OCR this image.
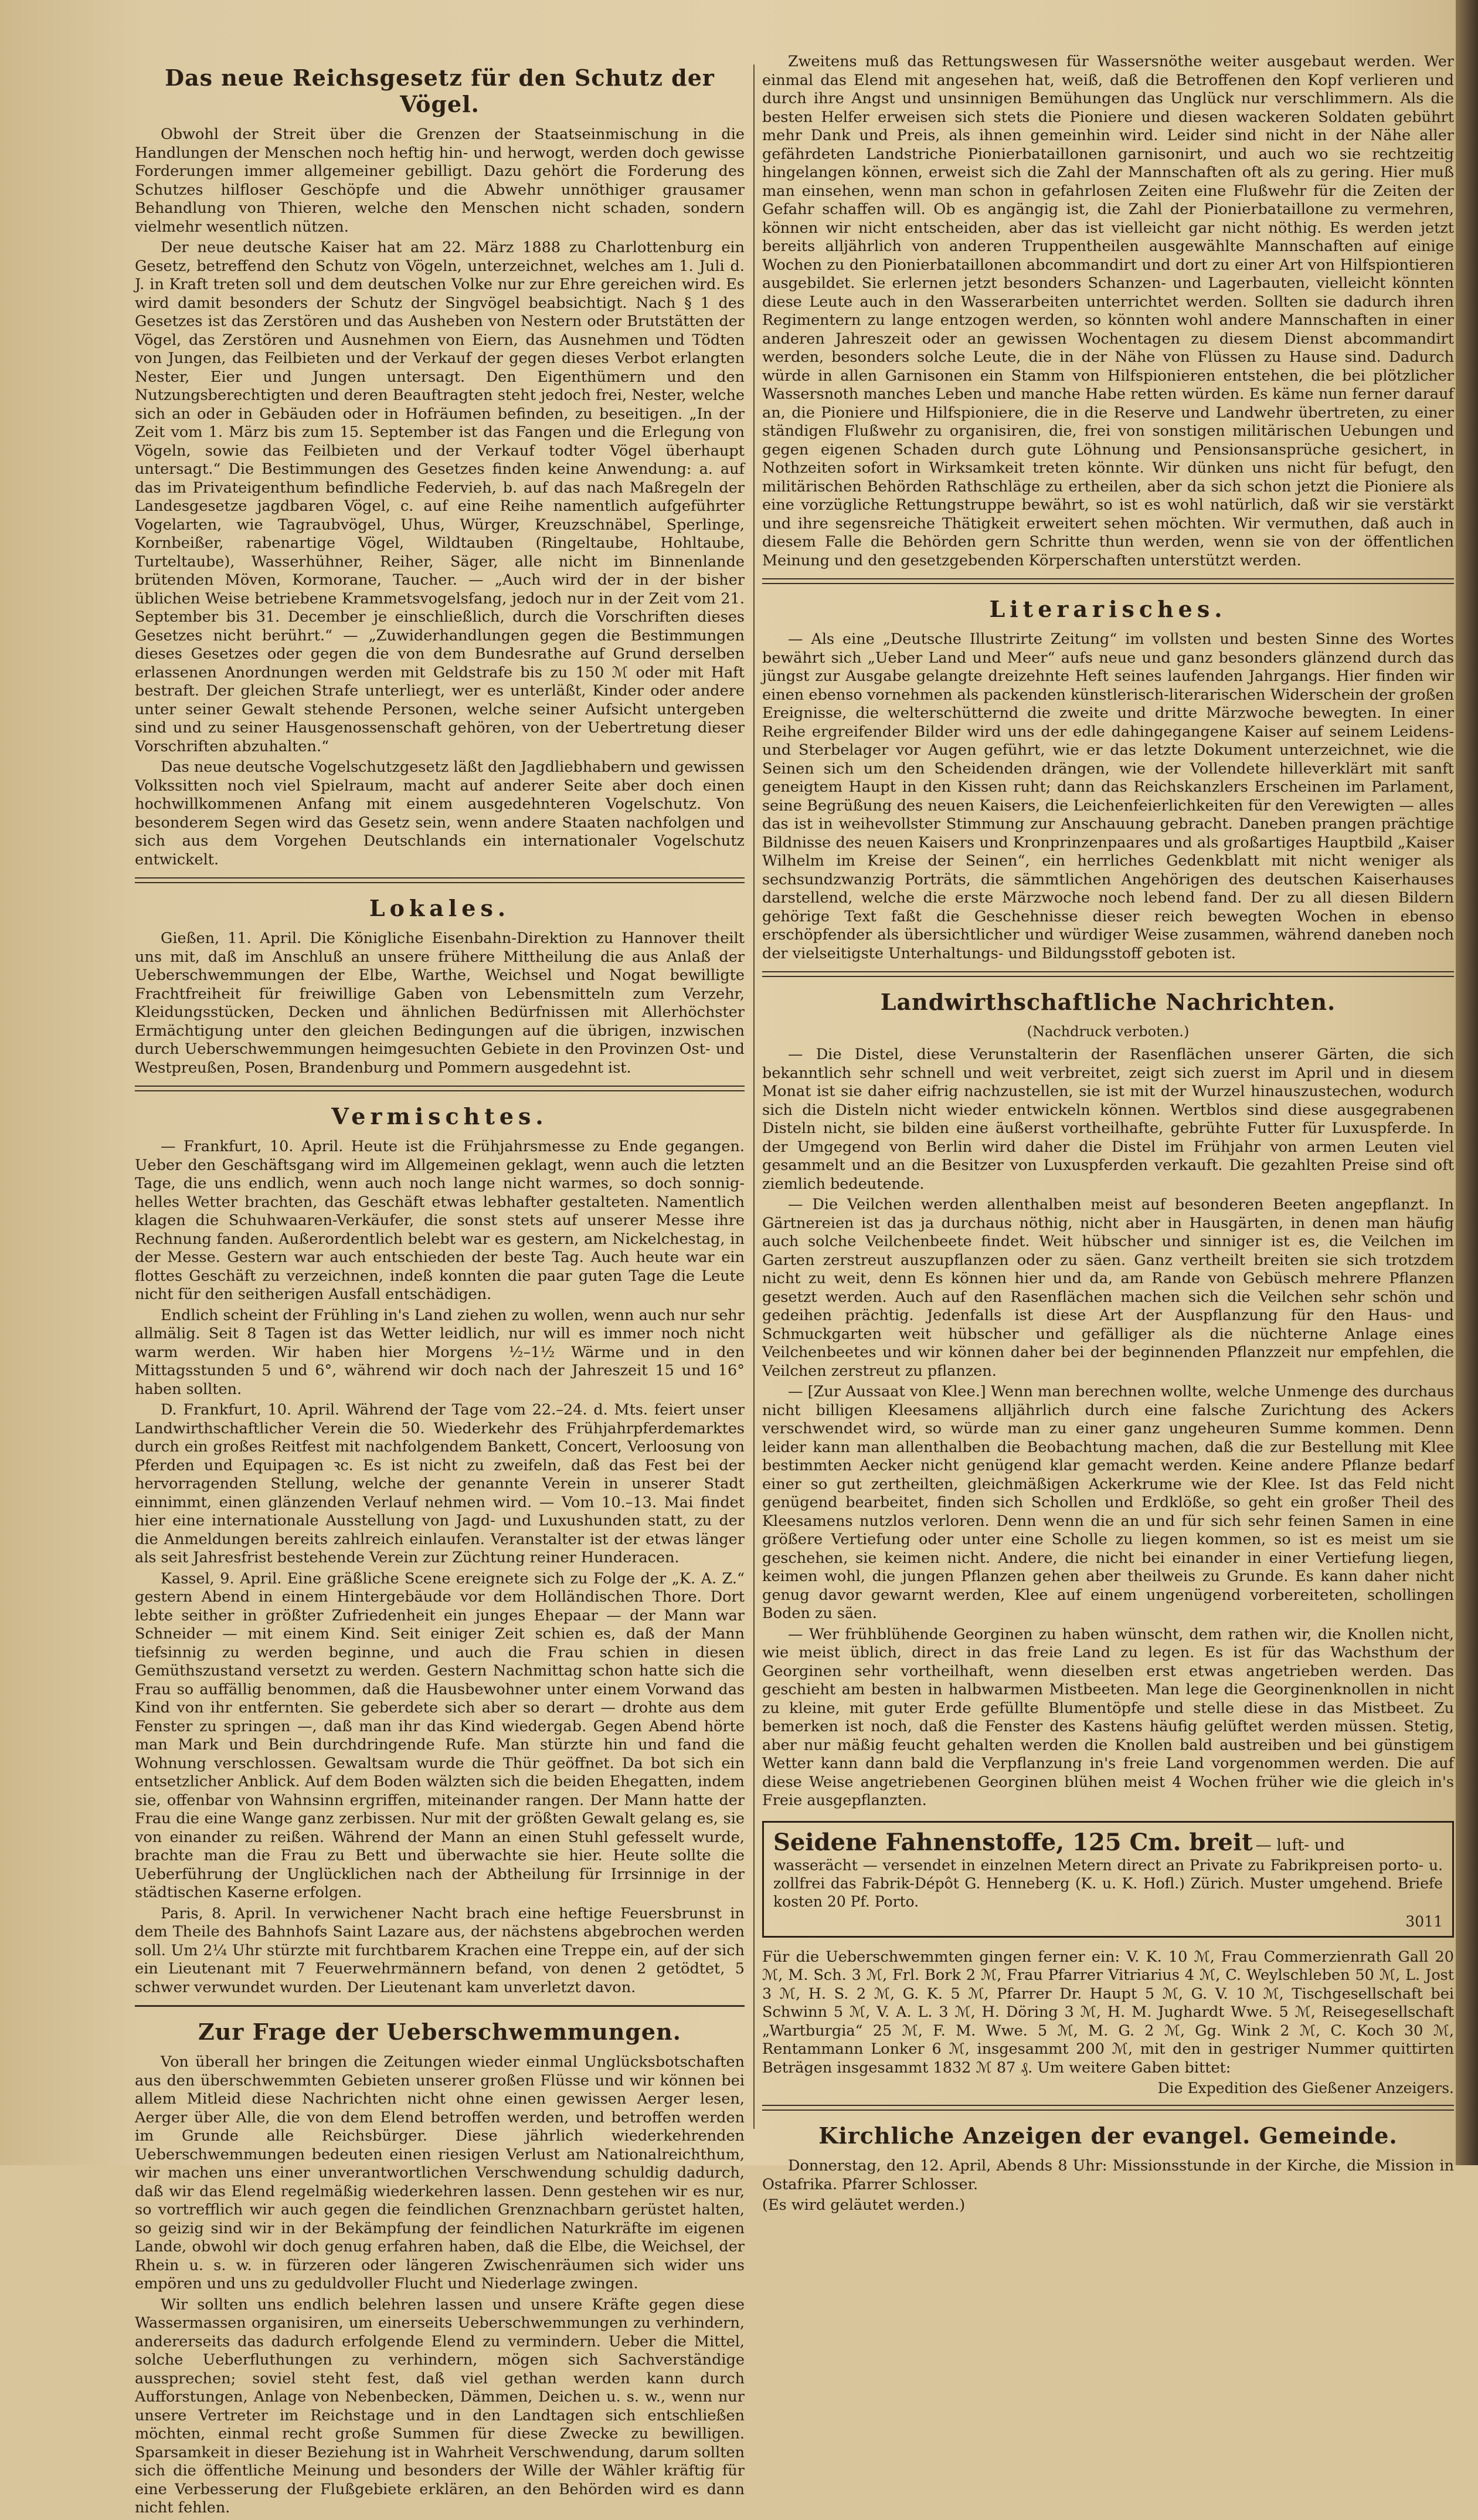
Das neue Reichsgesetz für den Schutz der Vögel.

Obwohl der Streit über die Grenzen der Staatseinmischung in die Handlungen der Menschen noch heftig hin- und herwogt, werden doch gewisse Forderungen immer allgemeiner gebilligt. Dazu gehört die Forderung des Schutzes hilfloser Geschöpfe und die Abwehr unnöthiger grausamer Behandlung von Thieren, welche den Menschen nicht schaden, sondern vielmehr wesentlich nützen.

Der neue deutsche Kaiser hat am 22. März 1888 zu Charlottenburg ein Gesetz, betreffend den Schutz von Vögeln, unterzeichnet, welches am 1. Juli d. J. in Kraft treten soll und dem deutschen Volke nur zur Ehre gereichen wird. Es wird damit besonders der Schutz der Singvögel beabsichtigt. Nach § 1 des Gesetzes ist das Zerstören und das Ausheben von Nestern oder Brutstätten der Vögel, das Zerstören und Ausnehmen von Eiern, das Ausnehmen und Tödten von Jungen, das Feilbieten und der Verkauf der gegen dieses Verbot erlangten Nester, Eier und Jungen untersagt. Den Eigenthümern und den Nutzungsberechtigten und deren Beauftragten steht jedoch frei, Nester, welche sich an oder in Gebäuden oder in Hofräumen befinden, zu beseitigen. „In der Zeit vom 1. März bis zum 15. September ist das Fangen und die Erlegung von Vögeln, sowie das Feilbieten und der Verkauf todter Vögel überhaupt untersagt.“ Die Bestimmungen des Gesetzes finden keine Anwendung: a. auf das im Privateigenthum befindliche Federvieh, b. auf das nach Maßregeln der Landesgesetze jagdbaren Vögel, c. auf eine Reihe namentlich aufgeführter Vogelarten, wie Tagraubvögel, Uhus, Würger, Kreuzschnäbel, Sperlinge, Kornbeißer, rabenartige Vögel, Wildtauben (Ringeltaube, Hohltaube, Turteltaube), Wasserhühner, Reiher, Säger, alle nicht im Binnenlande brütenden Möven, Kormorane, Taucher. — „Auch wird der in der bisher üblichen Weise betriebene Krammetsvogelsfang, jedoch nur in der Zeit vom 21. September bis 31. December je einschließlich, durch die Vorschriften dieses Gesetzes nicht berührt.“ — „Zuwiderhandlungen gegen die Bestimmungen dieses Gesetzes oder gegen die von dem Bundesrathe auf Grund derselben erlassenen Anordnungen werden mit Geldstrafe bis zu 150 ℳ oder mit Haft bestraft. Der gleichen Strafe unterliegt, wer es unterläßt, Kinder oder andere unter seiner Gewalt stehende Personen, welche seiner Aufsicht untergeben sind und zu seiner Hausgenossenschaft gehören, von der Uebertretung dieser Vorschriften abzuhalten.“

Das neue deutsche Vogelschutzgesetz läßt den Jagdliebhabern und gewissen Volkssitten noch viel Spielraum, macht auf anderer Seite aber doch einen hochwillkommenen Anfang mit einem ausgedehnteren Vogelschutz. Von besonderem Segen wird das Gesetz sein, wenn andere Staaten nachfolgen und sich aus dem Vorgehen Deutschlands ein internationaler Vogelschutz entwickelt.

Lokales.

Gießen, 11. April. Die Königliche Eisenbahn-Direktion zu Hannover theilt uns mit, daß im Anschluß an unsere frühere Mittheilung die aus Anlaß der Ueberschwemmungen der Elbe, Warthe, Weichsel und Nogat bewilligte Frachtfreiheit für freiwillige Gaben von Lebensmitteln zum Verzehr, Kleidungsstücken, Decken und ähnlichen Bedürfnissen mit Allerhöchster Ermächtigung unter den gleichen Bedingungen auf die übrigen, inzwischen durch Ueberschwemmungen heimgesuchten Gebiete in den Provinzen Ost- und Westpreußen, Posen, Brandenburg und Pommern ausgedehnt ist.

Vermischtes.

— Frankfurt, 10. April. Heute ist die Frühjahrsmesse zu Ende gegangen. Ueber den Geschäftsgang wird im Allgemeinen geklagt, wenn auch die letzten Tage, die uns endlich, wenn auch noch lange nicht warmes, so doch sonnig-helles Wetter brachten, das Geschäft etwas lebhafter gestalteten. Namentlich klagen die Schuhwaaren-Verkäufer, die sonst stets auf unserer Messe ihre Rechnung fanden. Außerordentlich belebt war es gestern, am Nickelchestag, in der Messe. Gestern war auch entschieden der beste Tag. Auch heute war ein flottes Geschäft zu verzeichnen, indeß konnten die paar guten Tage die Leute nicht für den seitherigen Ausfall entschädigen.

Endlich scheint der Frühling in's Land ziehen zu wollen, wenn auch nur sehr allmälig. Seit 8 Tagen ist das Wetter leidlich, nur will es immer noch nicht warm werden. Wir haben hier Morgens ½–1½ Wärme und in den Mittagsstunden 5 und 6°, während wir doch nach der Jahreszeit 15 und 16° haben sollten.

D. Frankfurt, 10. April. Während der Tage vom 22.–24. d. Mts. feiert unser Landwirthschaftlicher Verein die 50. Wiederkehr des Frühjahrpferdemarktes durch ein großes Reitfest mit nachfolgendem Bankett, Concert, Verloosung von Pferden und Equipagen ꝛc. Es ist nicht zu zweifeln, daß das Fest bei der hervorragenden Stellung, welche der genannte Verein in unserer Stadt einnimmt, einen glänzenden Verlauf nehmen wird. — Vom 10.–13. Mai findet hier eine internationale Ausstellung von Jagd- und Luxushunden statt, zu der die Anmeldungen bereits zahlreich einlaufen. Veranstalter ist der etwas länger als seit Jahresfrist bestehende Verein zur Züchtung reiner Hunderacen.

Kassel, 9. April. Eine gräßliche Scene ereignete sich zu Folge der „K. A. Z.“ gestern Abend in einem Hintergebäude vor dem Holländischen Thore. Dort lebte seither in größter Zufriedenheit ein junges Ehepaar — der Mann war Schneider — mit einem Kind. Seit einiger Zeit schien es, daß der Mann tiefsinnig zu werden beginne, und auch die Frau schien in diesen Gemüthszustand versetzt zu werden. Gestern Nachmittag schon hatte sich die Frau so auffällig benommen, daß die Hausbewohner unter einem Vorwand das Kind von ihr entfernten. Sie geberdete sich aber so derart — drohte aus dem Fenster zu springen —, daß man ihr das Kind wiedergab. Gegen Abend hörte man Mark und Bein durchdringende Rufe. Man stürzte hin und fand die Wohnung verschlossen. Gewaltsam wurde die Thür geöffnet. Da bot sich ein entsetzlicher Anblick. Auf dem Boden wälzten sich die beiden Ehegatten, indem sie, offenbar von Wahnsinn ergriffen, miteinander rangen. Der Mann hatte der Frau die eine Wange ganz zerbissen. Nur mit der größten Gewalt gelang es, sie von einander zu reißen. Während der Mann an einen Stuhl gefesselt wurde, brachte man die Frau zu Bett und überwachte sie hier. Heute sollte die Ueberführung der Unglücklichen nach der Abtheilung für Irrsinnige in der städtischen Kaserne erfolgen.

Paris, 8. April. In verwichener Nacht brach eine heftige Feuersbrunst in dem Theile des Bahnhofs Saint Lazare aus, der nächstens abgebrochen werden soll. Um 2¼ Uhr stürzte mit furchtbarem Krachen eine Treppe ein, auf der sich ein Lieutenant mit 7 Feuerwehrmännern befand, von denen 2 getödtet, 5 schwer verwundet wurden. Der Lieutenant kam unverletzt davon.

Zur Frage der Ueberschwemmungen.

Von überall her bringen die Zeitungen wieder einmal Unglücksbotschaften aus den überschwemmten Gebieten unserer großen Flüsse und wir können bei allem Mitleid diese Nachrichten nicht ohne einen gewissen Aerger lesen, Aerger über Alle, die von dem Elend betroffen werden, und betroffen werden im Grunde alle Reichsbürger. Diese jährlich wiederkehrenden Ueberschwemmungen bedeuten einen riesigen Verlust am Nationalreichthum, wir machen uns einer unverantwortlichen Verschwendung schuldig dadurch, daß wir das Elend regelmäßig wiederkehren lassen. Denn gestehen wir es nur, so vortrefflich wir auch gegen die feindlichen Grenznachbarn gerüstet halten, so geizig sind wir in der Bekämpfung der feindlichen Naturkräfte im eigenen Lande, obwohl wir doch genug erfahren haben, daß die Elbe, die Weichsel, der Rhein u. s. w. in fürzeren oder längeren Zwischenräumen sich wider uns empören und uns zu geduldvoller Flucht und Niederlage zwingen.

Wir sollten uns endlich belehren lassen und unsere Kräfte gegen diese Wassermassen organisiren, um einerseits Ueberschwemmungen zu verhindern, andererseits das dadurch erfolgende Elend zu vermindern. Ueber die Mittel, solche Ueberfluthungen zu verhindern, mögen sich Sachverständige aussprechen; soviel steht fest, daß viel gethan werden kann durch Aufforstungen, Anlage von Nebenbecken, Dämmen, Deichen u. s. w., wenn nur unsere Vertreter im Reichstage und in den Landtagen sich entschließen möchten, einmal recht große Summen für diese Zwecke zu bewilligen. Sparsamkeit in dieser Beziehung ist in Wahrheit Verschwendung, darum sollten sich die öffentliche Meinung und besonders der Wille der Wähler kräftig für eine Verbesserung der Flußgebiete erklären, an den Behörden wird es dann nicht fehlen.

Zweitens muß das Rettungswesen für Wassersnöthe weiter ausgebaut werden. Wer einmal das Elend mit angesehen hat, weiß, daß die Betroffenen den Kopf verlieren und durch ihre Angst und unsinnigen Bemühungen das Unglück nur verschlimmern. Als die besten Helfer erweisen sich stets die Pioniere und diesen wackeren Soldaten gebührt mehr Dank und Preis, als ihnen gemeinhin wird. Leider sind nicht in der Nähe aller gefährdeten Landstriche Pionierbataillonen garnisonirt, und auch wo sie rechtzeitig hingelangen können, erweist sich die Zahl der Mannschaften oft als zu gering. Hier muß man einsehen, wenn man schon in gefahrlosen Zeiten eine Flußwehr für die Zeiten der Gefahr schaffen will. Ob es angängig ist, die Zahl der Pionierbataillone zu vermehren, können wir nicht entscheiden, aber das ist vielleicht gar nicht nöthig. Es werden jetzt bereits alljährlich von anderen Truppentheilen ausgewählte Mannschaften auf einige Wochen zu den Pionierbataillonen abcommandirt und dort zu einer Art von Hilfspiontieren ausgebildet. Sie erlernen jetzt besonders Schanzen- und Lagerbauten, vielleicht könnten diese Leute auch in den Wasserarbeiten unterrichtet werden. Sollten sie dadurch ihren Regimentern zu lange entzogen werden, so könnten wohl andere Mannschaften in einer anderen Jahreszeit oder an gewissen Wochentagen zu diesem Dienst abcommandirt werden, besonders solche Leute, die in der Nähe von Flüssen zu Hause sind. Dadurch würde in allen Garnisonen ein Stamm von Hilfspionieren entstehen, die bei plötzlicher Wassersnoth manches Leben und manche Habe retten würden. Es käme nun ferner darauf an, die Pioniere und Hilfspioniere, die in die Reserve und Landwehr übertreten, zu einer ständigen Flußwehr zu organisiren, die, frei von sonstigen militärischen Uebungen und gegen eigenen Schaden durch gute Löhnung und Pensionsansprüche gesichert, in Nothzeiten sofort in Wirksamkeit treten könnte. Wir dünken uns nicht für befugt, den militärischen Behörden Rathschläge zu ertheilen, aber da sich schon jetzt die Pioniere als eine vorzügliche Rettungstruppe bewährt, so ist es wohl natürlich, daß wir sie verstärkt und ihre segensreiche Thätigkeit erweitert sehen möchten. Wir vermuthen, daß auch in diesem Falle die Behörden gern Schritte thun werden, wenn sie von der öffentlichen Meinung und den gesetzgebenden Körperschaften unterstützt werden.

Literarisches.

— Als eine „Deutsche Illustrirte Zeitung“ im vollsten und besten Sinne des Wortes bewährt sich „Ueber Land und Meer“ aufs neue und ganz besonders glänzend durch das jüngst zur Ausgabe gelangte dreizehnte Heft seines laufenden Jahrgangs. Hier finden wir einen ebenso vornehmen als packenden künstlerisch-literarischen Widerschein der großen Ereignisse, die welterschütternd die zweite und dritte Märzwoche bewegten. In einer Reihe ergreifender Bilder wird uns der edle dahingegangene Kaiser auf seinem Leidens- und Sterbelager vor Augen geführt, wie er das letzte Dokument unterzeichnet, wie die Seinen sich um den Scheidenden drängen, wie der Vollendete hilleverklärt mit sanft geneigtem Haupt in den Kissen ruht; dann das Reichskanzlers Erscheinen im Parlament, seine Begrüßung des neuen Kaisers, die Leichenfeierlichkeiten für den Verewigten — alles das ist in weihevollster Stimmung zur Anschauung gebracht. Daneben prangen prächtige Bildnisse des neuen Kaisers und Kronprinzenpaares und als großartiges Hauptbild „Kaiser Wilhelm im Kreise der Seinen“, ein herrliches Gedenkblatt mit nicht weniger als sechsundzwanzig Porträts, die sämmtlichen Angehörigen des deutschen Kaiserhauses darstellend, welche die erste Märzwoche noch lebend fand. Der zu all diesen Bildern gehörige Text faßt die Geschehnisse dieser reich bewegten Wochen in ebenso erschöpfender als übersichtlicher und würdiger Weise zusammen, während daneben noch der vielseitigste Unterhaltungs- und Bildungsstoff geboten ist.

Landwirthschaftliche Nachrichten.
(Nachdruck verboten.)

— Die Distel, diese Verunstalterin der Rasenflächen unserer Gärten, die sich bekanntlich sehr schnell und weit verbreitet, zeigt sich zuerst im April und in diesem Monat ist sie daher eifrig nachzustellen, sie ist mit der Wurzel hinauszustechen, wodurch sich die Disteln nicht wieder entwickeln können. Wertblos sind diese ausgegrabenen Disteln nicht, sie bilden eine äußerst vortheilhafte, gebrühte Futter für Luxuspferde. In der Umgegend von Berlin wird daher die Distel im Frühjahr von armen Leuten viel gesammelt und an die Besitzer von Luxuspferden verkauft. Die gezahlten Preise sind oft ziemlich bedeutende.

— Die Veilchen werden allenthalben meist auf besonderen Beeten angepflanzt. In Gärtnereien ist das ja durchaus nöthig, nicht aber in Hausgärten, in denen man häufig auch solche Veilchenbeete findet. Weit hübscher und sinniger ist es, die Veilchen im Garten zerstreut auszupflanzen oder zu säen. Ganz vertheilt breiten sie sich trotzdem nicht zu weit, denn Es können hier und da, am Rande von Gebüsch mehrere Pflanzen gesetzt werden. Auch auf den Rasenflächen machen sich die Veilchen sehr schön und gedeihen prächtig. Jedenfalls ist diese Art der Auspflanzung für den Haus- und Schmuckgarten weit hübscher und gefälliger als die nüchterne Anlage eines Veilchenbeetes und wir können daher bei der beginnenden Pflanzzeit nur empfehlen, die Veilchen zerstreut zu pflanzen.

— [Zur Aussaat von Klee.] Wenn man berechnen wollte, welche Unmenge des durchaus nicht billigen Kleesamens alljährlich durch eine falsche Zurichtung des Ackers verschwendet wird, so würde man zu einer ganz ungeheuren Summe kommen. Denn leider kann man allenthalben die Beobachtung machen, daß die zur Bestellung mit Klee bestimmten Aecker nicht genügend klar gemacht werden. Keine andere Pflanze bedarf einer so gut zertheilten, gleichmäßigen Ackerkrume wie der Klee. Ist das Feld nicht genügend bearbeitet, finden sich Schollen und Erdklöße, so geht ein großer Theil des Kleesamens nutzlos verloren. Denn wenn die an und für sich sehr feinen Samen in eine größere Vertiefung oder unter eine Scholle zu liegen kommen, so ist es meist um sie geschehen, sie keimen nicht. Andere, die nicht bei einander in einer Vertiefung liegen, keimen wohl, die jungen Pflanzen gehen aber theilweis zu Grunde. Es kann daher nicht genug davor gewarnt werden, Klee auf einem ungenügend vorbereiteten, schollingen Boden zu säen.

— Wer frühblühende Georginen zu haben wünscht, dem rathen wir, die Knollen nicht, wie meist üblich, direct in das freie Land zu legen. Es ist für das Wachsthum der Georginen sehr vortheilhaft, wenn dieselben erst etwas angetrieben werden. Das geschieht am besten in halbwarmen Mistbeeten. Man lege die Georginenknollen in nicht zu kleine, mit guter Erde gefüllte Blumentöpfe und stelle diese in das Mistbeet. Zu bemerken ist noch, daß die Fenster des Kastens häufig gelüftet werden müssen. Stetig, aber nur mäßig feucht gehalten werden die Knollen bald austreiben und bei günstigem Wetter kann dann bald die Verpflanzung in's freie Land vorgenommen werden. Die auf diese Weise angetriebenen Georginen blühen meist 4 Wochen früher wie die gleich in's Freie ausgepflanzten.

Seidene Fahnenstoffe, 125 Cm. breit — luft- und

wasserächt — versendet in einzelnen Metern direct an Private zu Fabrikpreisen porto- u. zollfrei das Fabrik-Dépôt G. Henneberg (K. u. K. Hofl.) Zürich. Muster umgehend. Briefe kosten 20 Pf. Porto.

3011
Für die Ueberschwemmten gingen ferner ein: V. K. 10 ℳ, Frau Commerzienrath Gall 20 ℳ, M. Sch. 3 ℳ, Frl. Bork 2 ℳ, Frau Pfarrer Vitriarius 4 ℳ, C. Weylschleben 50 ℳ, L. Jost 3 ℳ, H. S. 2 ℳ, G. K. 5 ℳ, Pfarrer Dr. Haupt 5 ℳ, G. V. 10 ℳ, Tischgesellschaft bei Schwinn 5 ℳ, V. A. L. 3 ℳ, H. Döring 3 ℳ, H. M. Jughardt Wwe. 5 ℳ, Reisegesellschaft „Wartburgia“ 25 ℳ, F. M. Wwe. 5 ℳ, M. G. 2 ℳ, Gg. Wink 2 ℳ, C. Koch 30 ℳ, Rentammann Lonker 6 ℳ, insgesammt 200 ℳ, mit den in gestriger Nummer quittirten Beträgen insgesammt 1832 ℳ 87 ₰. Um weitere Gaben bittet:
Die Expedition des Gießener Anzeigers.
Kirchliche Anzeigen der evangel. Gemeinde.

Donnerstag, den 12. April, Abends 8 Uhr: Missionsstunde in der Kirche, die Mission in Ostafrika. Pfarrer Schlosser.

(Es wird geläutet werden.)
